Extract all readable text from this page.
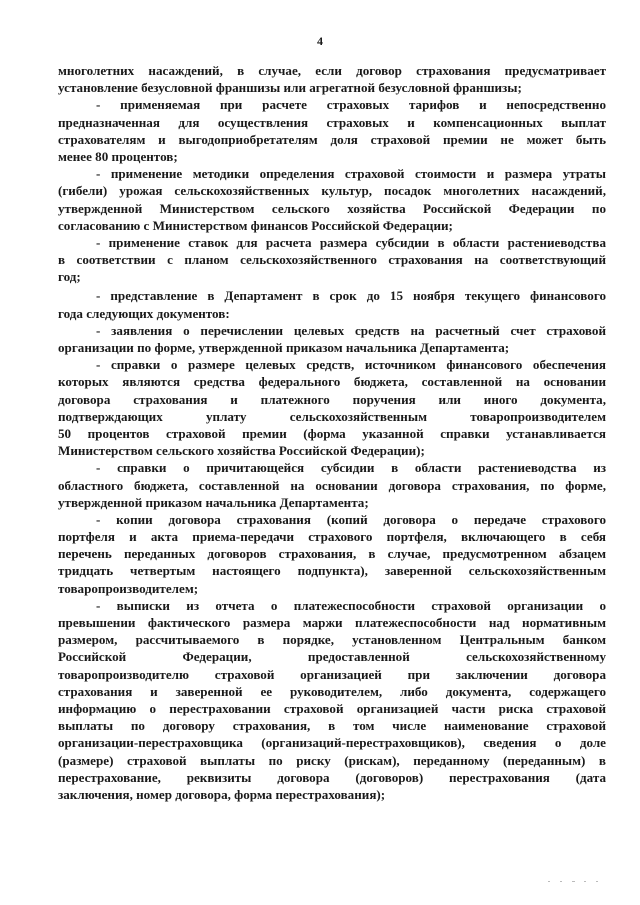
4
многолетних насаждений, в случае, если договор страхования предусматривает
установление безусловной франшизы или агрегатной безусловной франшизы;
- применяемая при расчете страховых тарифов и непосредственно
предназначенная для осуществления страховых и компенсационных выплат
страхователям и выгодоприобретателям доля страховой премии не может быть
менее 80 процентов;
- применение методики определения страховой стоимости и размера утраты
(гибели) урожая сельскохозяйственных культур, посадок многолетних насаждений,
утвержденной Министерством сельского хозяйства Российской Федерации по
согласованию с Министерством финансов Российской Федерации;
- применение ставок для расчета размера субсидии в области растениеводства
в соответствии с планом сельскохозяйственного страхования на соответствующий
год;
- представление в Департамент в срок до 15 ноября текущего финансового
года следующих документов:
- заявления о перечислении целевых средств на расчетный счет страховой
организации по форме, утвержденной приказом начальника Департамента;
- справки о размере целевых средств, источником финансового обеспечения
которых являются средства федерального бюджета, составленной на основании
договора страхования и платежного поручения или иного документа,
подтверждающих уплату сельскохозяйственным товаропроизводителем
50 процентов страховой премии (форма указанной справки устанавливается
Министерством сельского хозяйства Российской Федерации);
- справки о причитающейся субсидии в области растениеводства из
областного бюджета, составленной на основании договора страхования, по форме,
утвержденной приказом начальника Департамента;
- копии договора страхования (копий договора о передаче страхового
портфеля и акта приема-передачи страхового портфеля, включающего в себя
перечень переданных договоров страхования, в случае, предусмотренном абзацем
тридцать четвертым настоящего подпункта), заверенной сельскохозяйственным
товаропроизводителем;
- выписки из отчета о платежеспособности страховой организации о
превышении фактического размера маржи платежеспособности над нормативным
размером, рассчитываемого в порядке, установленном Центральным банком
Российской Федерации, предоставленной сельскохозяйственному
товаропроизводителю страховой организацией при заключении договора
страхования и заверенной ее руководителем, либо документа, содержащего
информацию о перестраховании страховой организацией части риска страховой
выплаты по договору страхования, в том числе наименование страховой
организации-перестраховщика (организаций-перестраховщиков), сведения о доле
(размере) страховой выплаты по риску (рискам), переданному (переданным) в
перестрахование, реквизиты договора (договоров) перестрахования (дата
заключения, номер договора, форма перестрахования);
